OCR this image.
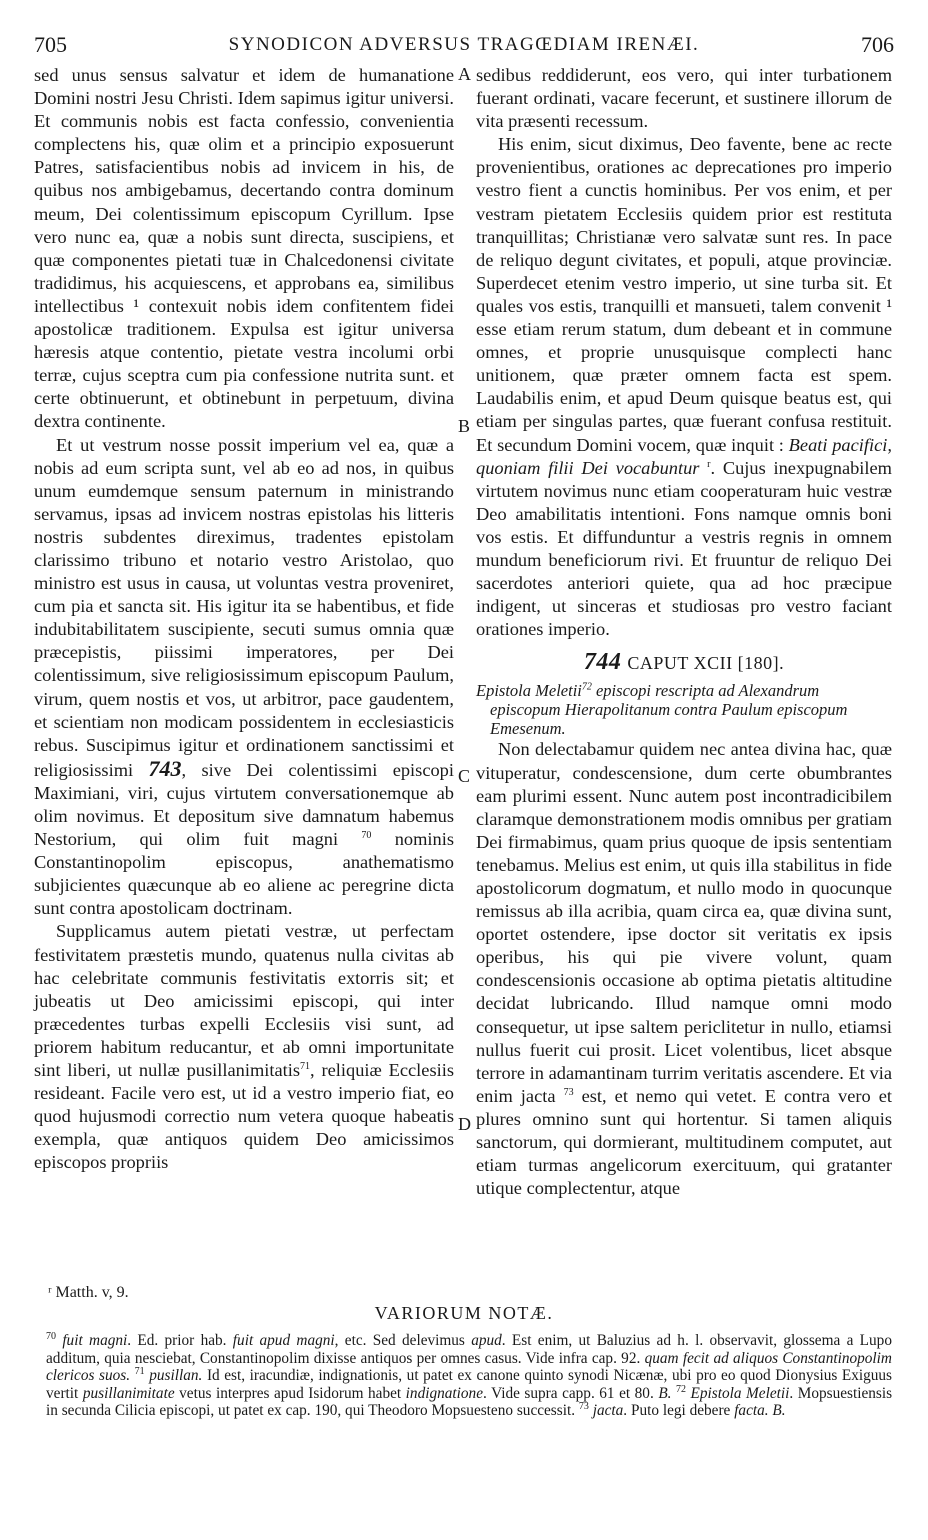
705	SYNODICON ADVERSUS TRAGŒDIAM IRENÆI.	706
A
B
C
D

sed unus sensus salvatur et idem de humanatione Domini nostri Jesu Christi. Idem sapimus igitur universi. Et communis nobis est facta confessio, convenientia complectens his, quæ olim et a principio exposuerunt Patres, satisfacientibus nobis ad invicem in his, de quibus nos ambigebamus, decertando contra dominum meum, Dei colentissimum episcopum Cyrillum. Ipse vero nunc ea, quæ a nobis sunt directa, suscipiens, et quæ componentes pietati tuæ in Chalcedonensi civitate tradidimus, his acquiescens, et approbans ea, similibus intellectibus ¹ contexuit nobis idem confitentem fidei apostolicæ traditionem. Expulsa est igitur universa hæresis atque contentio, pietate vestra incolumi orbi terræ, cujus sceptra cum pia confessione nutrita sunt. et certe obtinuerunt, et obtinebunt in perpetuum, divina dextra continente.

Et ut vestrum nosse possit imperium vel ea, quæ a nobis ad eum scripta sunt, vel ab eo ad nos, in quibus unum eumdemque sensum paternum in ministrando servamus, ipsas ad invicem nostras epistolas his litteris nostris subdentes direximus, tradentes epistolam clarissimo tribuno et notario vestro Aristolao, quo ministro est usus in causa, ut voluntas vestra proveniret, cum pia et sancta sit. His igitur ita se habentibus, et fide indubitabilitatem suscipiente, secuti sumus omnia quæ præcepistis, piissimi imperatores, per Dei colentissimum, sive religiosissimum episcopum Paulum, virum, quem nostis et vos, ut arbitror, pace gaudentem, et scientiam non modicam possidentem in ecclesiasticis rebus. Suscipimus igitur et ordinationem sanctissimi et religiosissimi 743, sive Dei colentissimi episcopi Maximiani, viri, cujus virtutem conversationemque ab olim novimus. Et depositum sive damnatum habemus Nestorium, qui olim fuit magni $^{70}$ nominis Constantinopolim episcopus, anathematismo subjicientes quæcunque ab eo aliene ac peregrine dicta sunt contra apostolicam doctrinam.

Supplicamus autem pietati vestræ, ut perfectam festivitatem præstetis mundo, quatenus nulla civitas ab hac celebritate communis festivitatis extorris sit; et jubeatis ut Deo amicissimi episcopi, qui inter præcedentes turbas expelli Ecclesiis visi sunt, ad priorem habitum reducantur, et ab omni importunitate sint liberi, ut nullæ pusillanimitatis$^{71}$, reliquiæ Ecclesiis resideant. Facile vero est, ut id a vestro imperio fiat, eo quod hujusmodi correctio num vetera quoque habeatis exempla, quæ antiquos quidem Deo amicissimos episcopos propriis

sedibus reddiderunt, eos vero, qui inter turbationem fuerant ordinati, vacare fecerunt, et sustinere illorum de vita præsenti recessum.

His enim, sicut diximus, Deo favente, bene ac recte provenientibus, orationes ac deprecationes pro imperio vestro fient a cunctis hominibus. Per vos enim, et per vestram pietatem Ecclesiis quidem prior est restituta tranquillitas; Christianæ vero salvatæ sunt res. In pace de reliquo degunt civitates, et populi, atque provinciæ. Superdecet etenim vestro imperio, ut sine turba sit. Et quales vos estis, tranquilli et mansueti, talem convenit ¹ esse etiam rerum statum, dum debeant et in commune omnes, et proprie unusquisque complecti hanc unitionem, quæ præter omnem facta est spem. Laudabilis enim, et apud Deum quisque beatus est, qui etiam per singulas partes, quæ fuerant confusa restituit. Et secundum Domini vocem, quæ inquit : Beati pacifici, quoniam filii Dei vocabuntur $^r$. Cujus inexpugnabilem virtutem novimus nunc etiam cooperaturam huic vestræ Deo amabilitatis intentioni. Fons namque omnis boni vos estis. Et diffunduntur a vestris regnis in omnem mundum beneficiorum rivi. Et fruuntur de reliquo Dei sacerdotes anteriori quiete, qua ad hoc præcipue indigent, ut sinceras et studiosas pro vestro faciant orationes imperio.

744 CAPUT XCII [180].

Epistola Meletii$^{72}$ episcopi rescripta ad Alexandrum episcopum Hierapolitanum contra Paulum episcopum Emesenum.

Non delectabamur quidem nec antea divina hac, quæ vituperatur, condescensione, dum certe obumbrantes eam plurimi essent. Nunc autem post incontradicibilem claramque demonstrationem modis omnibus per gratiam Dei firmabimus, quam prius quoque de ipsis sententiam tenebamus. Melius est enim, ut quis illa stabilitus in fide apostolicorum dogmatum, et nullo modo in quocunque remissus ab illa acribia, quam circa ea, quæ divina sunt, oportet ostendere, ipse doctor sit veritatis ex ipsis operibus, his qui pie vivere volunt, quam condescensionis occasione ab optima pietatis altitudine decidat lubricando. Illud namque omni modo consequetur, ut ipse saltem periclitetur in nullo, etiamsi nullus fuerit cui prosit. Licet volentibus, licet absque terrore in adamantinam turrim veritatis ascendere. Et via enim jacta $^{73}$ est, et nemo qui vetet. E contra vero et plures omnino sunt qui hortentur. Si tamen aliquis sanctorum, qui dormierant, multitudinem computet, aut etiam turmas angelicorum exercituum, qui gratanter utique complectentur, atque

ʳ Matth. v, 9.
VARIORUM NOTÆ.
$^{70}$ fuit magni. Ed. prior hab. fuit apud magni, etc. Sed delevimus apud. Est enim, ut Baluzius ad h. l. observavit, glossema a Lupo additum, quia nesciebat, Constantinopolim dixisse antiquos per omnes casus. Vide infra cap. 92. quam fecit ad aliquos Constantinopolim clericos suos. $^{71}$ pusillan. Id est, iracundiæ, indignationis, ut patet ex canone quinto synodi Nicænæ, ubi pro eo quod Dionysius Exiguus vertit pusillanimitate vetus interpres apud Isidorum habet indignatione. Vide supra capp. 61 et 80. B. $^{72}$ Epistola Meletii. Mopsuestiensis in secunda Cilicia episcopi, ut patet ex cap. 190, qui Theodoro Mopsuesteno successit. $^{73}$ jacta. Puto legi debere facta. B.
